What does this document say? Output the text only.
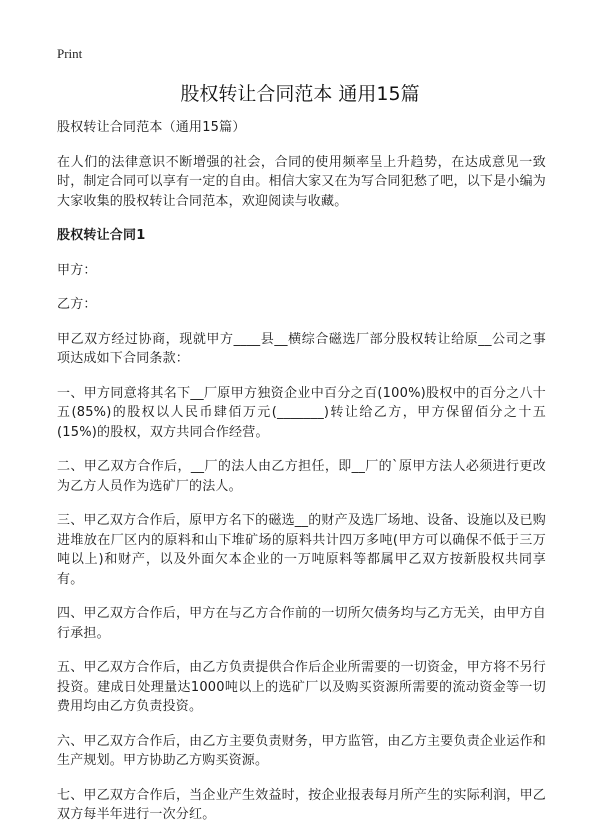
Print
股权转让合同范本 通用15篇

股权转让合同范本（通用15篇）

在人们的法律意识不断增强的社会，合同的使用频率呈上升趋势，在达成意见一致时，制定合同可以享有一定的自由。相信大家又在为写合同犯愁了吧，以下是小编为大家收集的股权转让合同范本，欢迎阅读与收藏。

股权转让合同1

甲方：

乙方：

甲乙双方经过协商，现就甲方____县__横综合磁选厂部分股权转让给原__公司之事项达成如下合同条款：

一、甲方同意将其名下__厂原甲方独资企业中百分之百(100%)股权中的百分之八十五(85%)的股权以人民币肆佰万元(_______)转让给乙方，甲方保留佰分之十五(15%)的股权，双方共同合作经营。

二、甲乙双方合作后，__厂的法人由乙方担任，即__厂的`原甲方法人必须进行更改为乙方人员作为选矿厂的法人。

三、甲乙双方合作后，原甲方名下的磁选__的财产及选厂场地、设备、设施以及已购进堆放在厂区内的原料和山下堆矿场的原料共计四万多吨(甲方可以确保不低于三万吨以上)和财产，以及外面欠本企业的一万吨原料等都属甲乙双方按新股权共同享有。

四、甲乙双方合作后，甲方在与乙方合作前的一切所欠债务均与乙方无关，由甲方自行承担。

五、甲乙双方合作后，由乙方负责提供合作后企业所需要的一切资金，甲方将不另行投资。建成日处理量达1000吨以上的选矿厂以及购买资源所需要的流动资金等一切费用均由乙方负责投资。

六、甲乙双方合作后，由乙方主要负责财务，甲方监管，由乙方主要负责企业运作和生产规划。甲方协助乙方购买资源。

七、甲乙双方合作后，当企业产生效益时，按企业报表每月所产生的实际利润，甲乙双方每半年进行一次分红。
